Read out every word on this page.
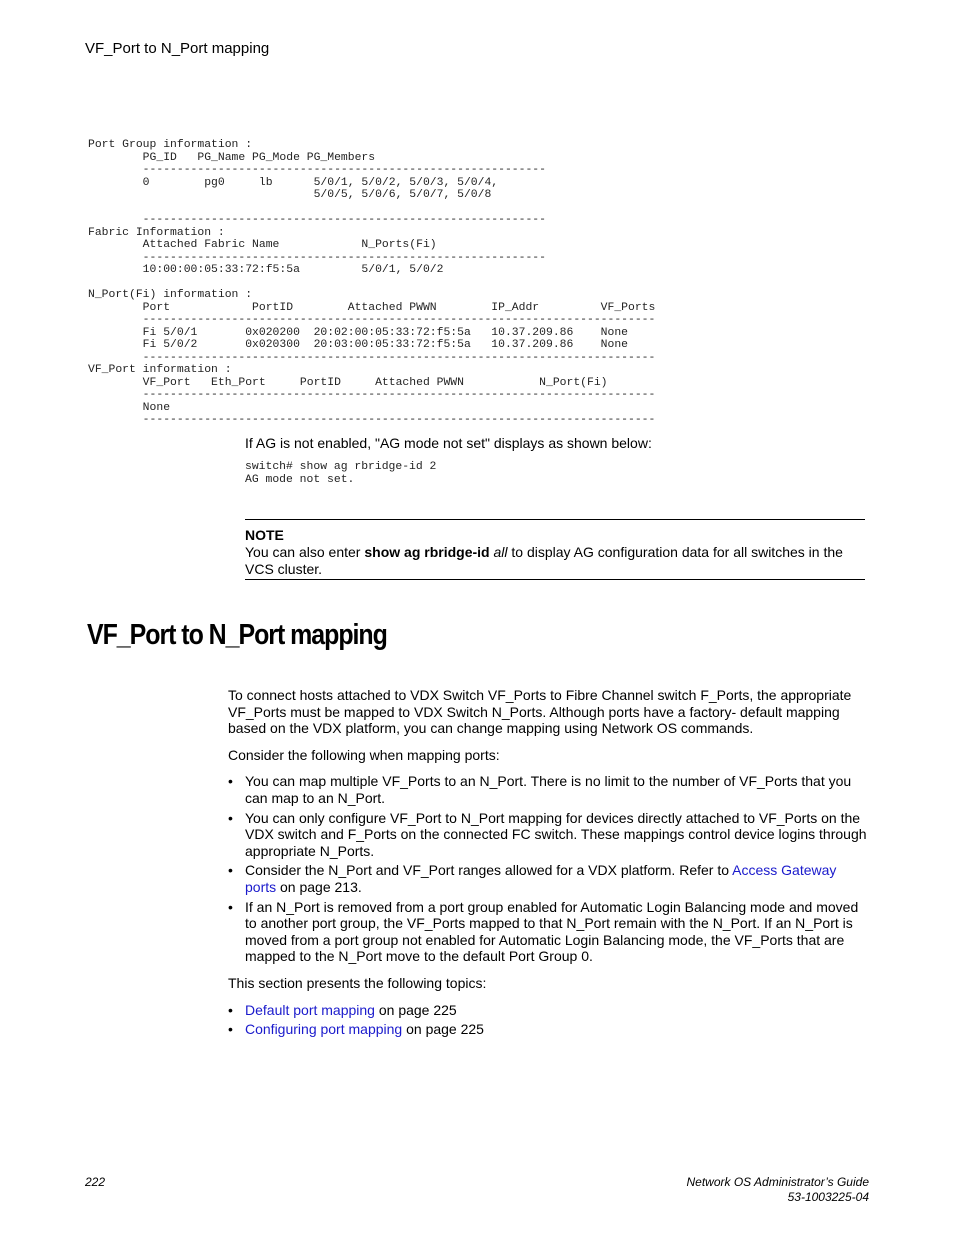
VF_Port to N_Port mapping
Port Group information :
PG_ID   PG_Name PG_Mode PG_Members
-----------------------------------------------------------
0        pg0     lb      5/0/1, 5/0/2, 5/0/3, 5/0/4,
5/0/5, 5/0/6, 5/0/7, 5/0/8

-----------------------------------------------------------
Fabric Information :
Attached Fabric Name            N_Ports(Fi)
-----------------------------------------------------------
10:00:00:05:33:72:f5:5a         5/0/1, 5/0/2

N_Port(Fi) information :
Port            PortID        Attached PWWN        IP_Addr         VF_Ports
---------------------------------------------------------------------------
Fi 5/0/1       0x020200  20:02:00:05:33:72:f5:5a   10.37.209.86    None
Fi 5/0/2       0x020300  20:03:00:05:33:72:f5:5a   10.37.209.86    None
---------------------------------------------------------------------------
VF_Port information :
VF_Port   Eth_Port     PortID     Attached PWWN           N_Port(Fi)
---------------------------------------------------------------------------
None
---------------------------------------------------------------------------
If AG is not enabled, "AG mode not set" displays as shown below:
switch# show ag rbridge-id 2
AG mode not set.
NOTE
You can also enter show ag rbridge-id all to display AG configuration data for all switches in the VCS cluster.
VF_Port to N_Port mapping

To connect hosts attached to VDX Switch VF_Ports to Fibre Channel switch F_Ports, the appropriate VF_Ports must be mapped to VDX Switch N_Ports. Although ports have a factory- default mapping based on the VDX platform, you can change mapping using Network OS commands.

Consider the following when mapping ports:

• You can map multiple VF_Ports to an N_Port. There is no limit to the number of VF_Ports that you can map to an N_Port.
• You can only configure VF_Port to N_Port mapping for devices directly attached to VF_Ports on the VDX switch and F_Ports on the connected FC switch. These mappings control device logins through appropriate N_Ports.
• Consider the N_Port and VF_Port ranges allowed for a VDX platform. Refer to Access Gateway ports on page 213.
• If an N_Port is removed from a port group enabled for Automatic Login Balancing mode and moved to another port group, the VF_Ports mapped to that N_Port remain with the N_Port. If an N_Port is moved from a port group not enabled for Automatic Login Balancing mode, the VF_Ports that are mapped to the N_Port move to the default Port Group 0.

This section presents the following topics:

• Default port mapping on page 225
• Configuring port mapping on page 225
222	Network OS Administrator’s Guide
53-1003225-04
